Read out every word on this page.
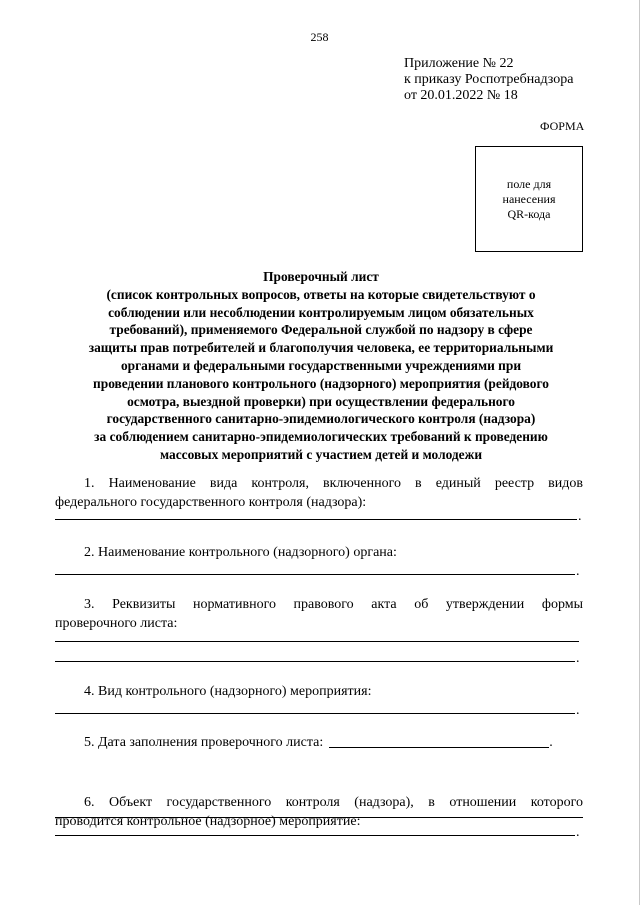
258
Приложение № 22
к приказу Роспотребнадзора
от 20.01.2022 № 18
ФОРМА
поле для
нанесения
QR-кода
Проверочный лист
(список контрольных вопросов, ответы на которые свидетельствуют о
соблюдении или несоблюдении контролируемым лицом обязательных
требований), применяемого Федеральной службой по надзору в сфере
защиты прав потребителей и благополучия человека, ее территориальными
органами и федеральными государственными учреждениями при
проведении планового контрольного (надзорного) мероприятия (рейдового
осмотра, выездной проверки) при осуществлении федерального
государственного санитарно-эпидемиологического контроля (надзора)
за соблюдением санитарно-эпидемиологических требований к проведению
массовых мероприятий с участием детей и молодежи
1. Наименование вида контроля, включенного в единый реестр видов
федерального государственного контроля (надзора):
.
2. Наименование контрольного (надзорного) органа:
.
3. Реквизиты нормативного правового акта об утверждении формы
проверочного листа:
.
4. Вид контрольного (надзорного) мероприятия:
.
5. Дата заполнения проверочного листа:	.
6. Объект государственного контроля (надзора), в отношении которого
проводится контрольное (надзорное) мероприятие:
.
